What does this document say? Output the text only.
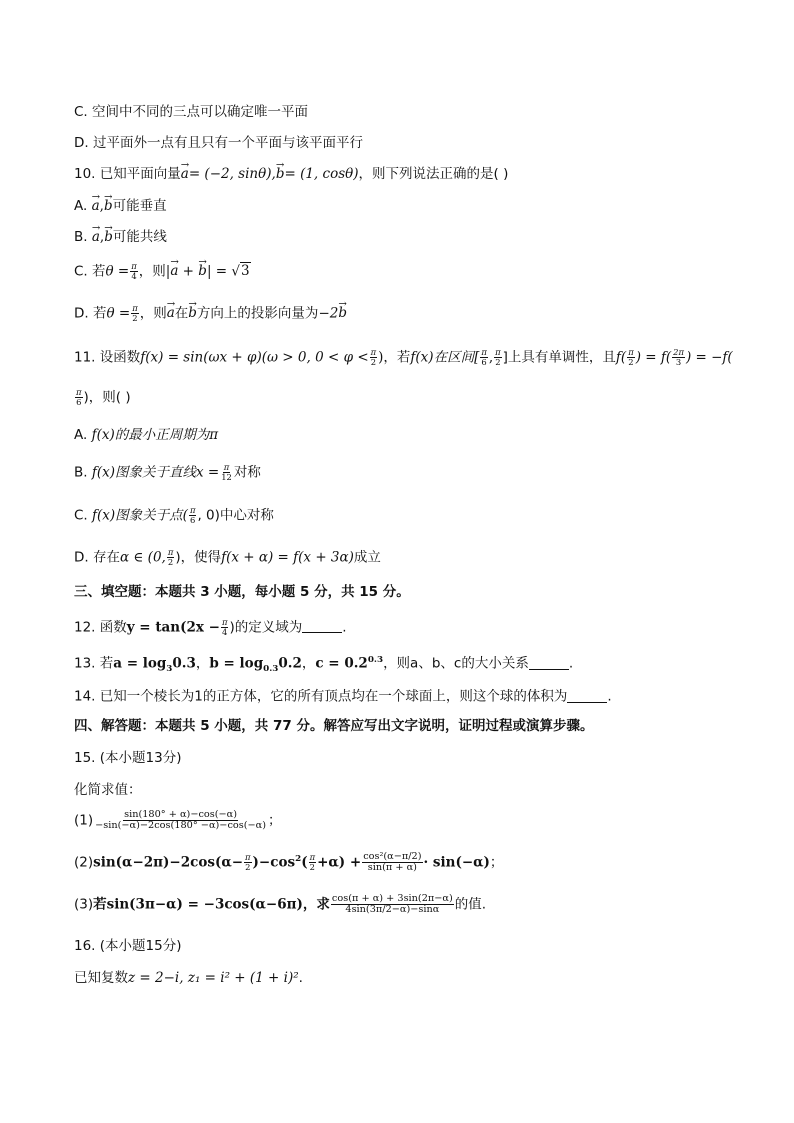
C. 空间中不同的三点可以确定唯一平面
D. 过平面外一点有且只有一个平面与该平面平行
10. 已知平面向量→ a= (−2, sinθ),→ b= (1, cosθ)，则下列说法正确的是( )
A. → a,→ b可能垂直
B. → a,→ b可能共线
C. 若$\theta = \frac{\pi}{4}$ ，则|→ a + → b| = √3
D. 若$\theta = \frac{\pi}{2}$ ，则→ a在→ b方向上的投影向量为−2→ b
11. 设函数f(x) = sin(ωx + φ)(ω > 0, $0 < \varphi < \frac{\pi}{2}$ )，若f(x)在区间[ $\frac{\pi}{6}$ , $\frac{\pi}{2}$ ]上具有单调性，且$f( \frac{\pi}{2}$ ) = $f( \frac{2\pi}{3}$ ) = −f(
$\frac{\pi}{6}$ )，则( )
A. f(x)的最小正周期为π
B. f(x)图象关于直线$x = \frac{\pi}{12}$ 对称
C. f(x)图象关于点( $\frac{\pi}{6}$ , 0)中心对称
D. 存在α ∈ (0, $\frac{\pi}{2}$ )，使得f(x + α) = f(x + 3α)成立
三、填空题：本题共 3 小题，每小题 5 分，共 15 分。
12. 函数$y = \tan(2x - \frac{\pi}{4}$ )的定义域为	.
13. 若$a = \log_30.3$，$b = \log_{0.3}0.2$，$c = 0.2^{0.3}$，则a、b、c的大小关系	.
14. 已知一个棱长为1的正方体，它的所有顶点均在一个球面上，则这个球的体积为	.
四、解答题：本题共 5 小题，共 77 分。解答应写出文字说明，证明过程或演算步骤。
15. (本小题13分)
化简求值：
$(1) \frac{\sin(180^\circ + \alpha)-\cos(-\alpha)}{-\sin(-\alpha)-2\cos(180^\circ -\alpha)-\cos(-\alpha)}$ ；
$(2)\sin(\alpha-2\pi)-2\cos(\alpha- \frac{\pi}{2} )-\cos^2( \frac{\pi}{2} +\alpha) + \frac{\text{cos²(α−π/2)}}{\sin(\pi + \alpha)} \cdot \sin(-\alpha)$；
(3)若sin(3π−α) = −3cos(α−6π)，求 $\frac{\cos(\pi + \alpha) + 3\sin(2\pi-\alpha)}{4\sin(3\pi/2-\alpha)-\sin\alpha}$ 的值.
16. (本小题15分)
已知复数z = 2−i, z₁ = i² + (1 + i)².
